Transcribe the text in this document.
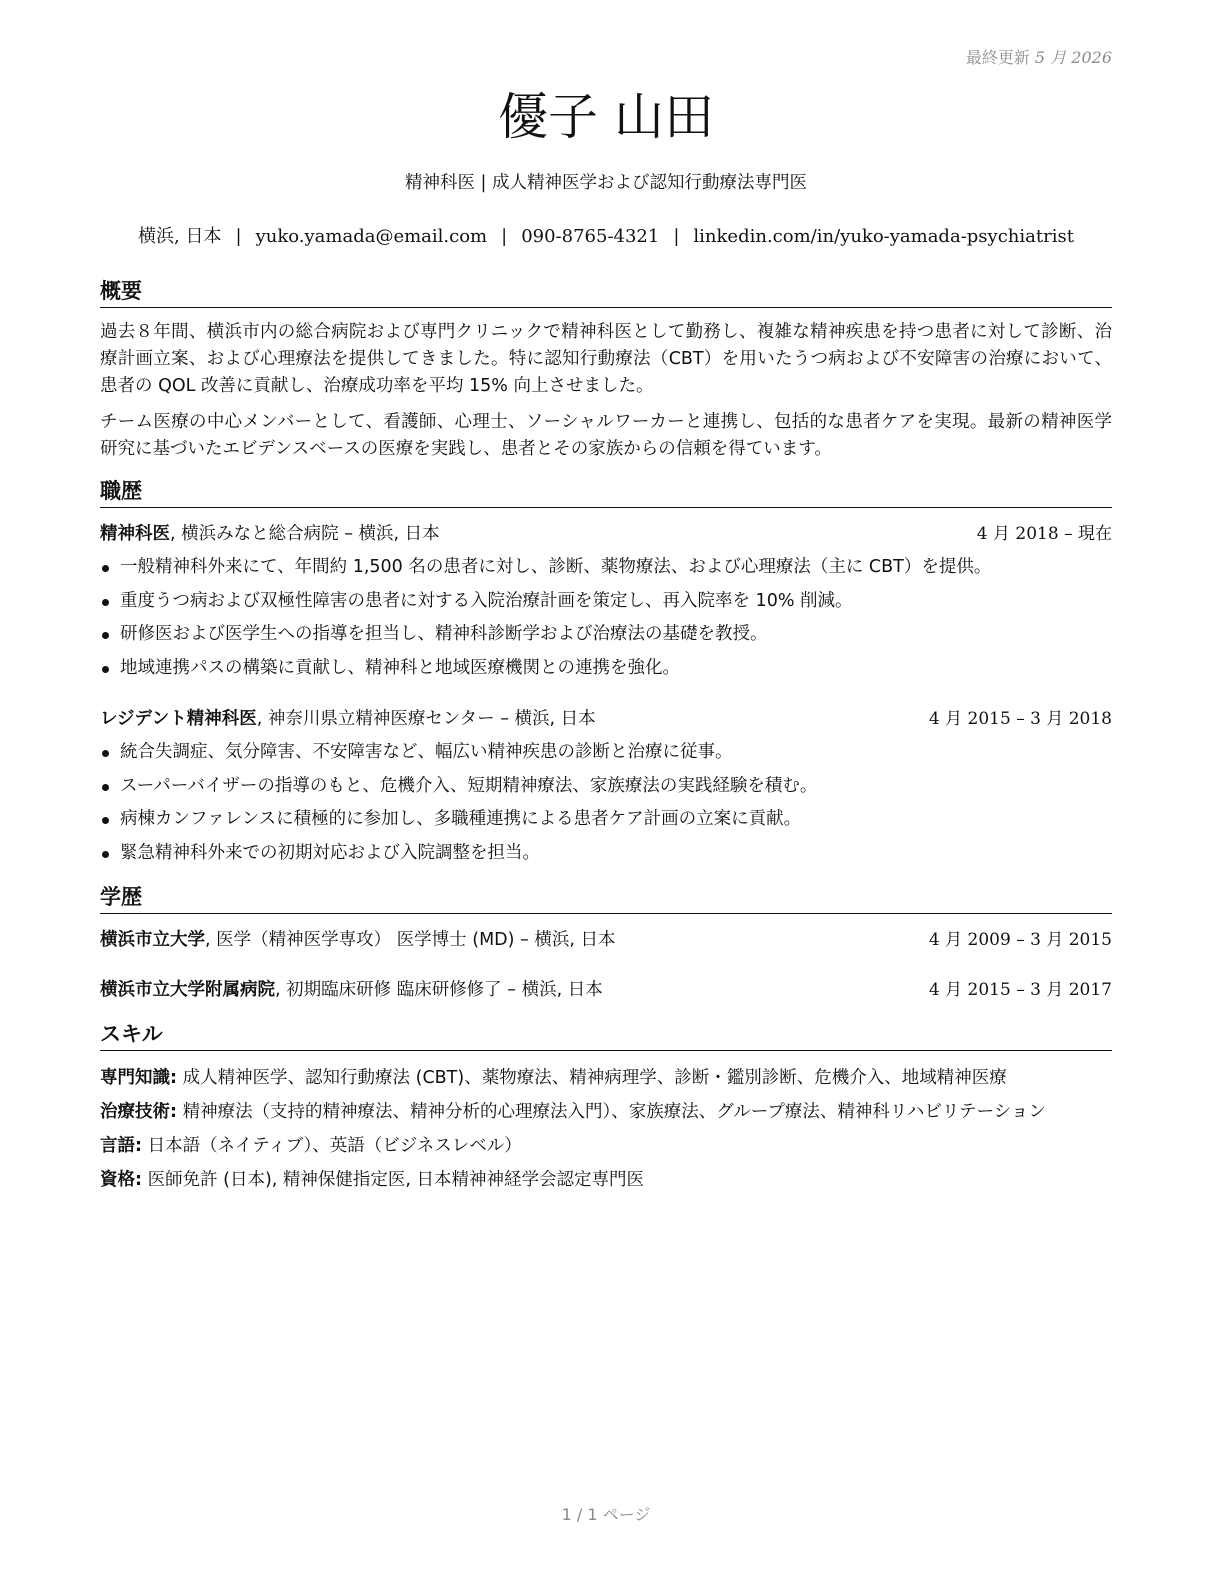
最終更新 5 月 2026
優子 山田
精神科医 | 成人精神医学および認知行動療法専門医
横浜, 日本 | yuko.yamada@email.com | 090-8765-4321 | linkedin.com/in/yuko-yamada-psychiatrist
概要

過去８年間、横浜市内の総合病院および専門クリニックで精神科医として勤務し、複雑な精神疾患を持つ患者に対して診断、治療計画立案、および心理療法を提供してきました。特に認知行動療法（CBT）を用いたうつ病および不安障害の治療において、患者の QOL 改善に貢献し、治療成功率を平均 15% 向上させました。

チーム医療の中心メンバーとして、看護師、心理士、ソーシャルワーカーと連携し、包括的な患者ケアを実現。最新の精神医学研究に基づいたエビデンスベースの医療を実践し、患者とその家族からの信頼を得ています。

職歴
精神科医, 横浜みなと総合病院 – 横浜, 日本	4 月 2018 – 現在
一般精神科外来にて、年間約 1,500 名の患者に対し、診断、薬物療法、および心理療法（主に CBT）を提供。
重度うつ病および双極性障害の患者に対する入院治療計画を策定し、再入院率を 10% 削減。
研修医および医学生への指導を担当し、精神科診断学および治療法の基礎を教授。
地域連携パスの構築に貢献し、精神科と地域医療機関との連携を強化。
レジデント精神科医, 神奈川県立精神医療センター – 横浜, 日本	4 月 2015 – 3 月 2018
統合失調症、気分障害、不安障害など、幅広い精神疾患の診断と治療に従事。
スーパーバイザーの指導のもと、危機介入、短期精神療法、家族療法の実践経験を積む。
病棟カンファレンスに積極的に参加し、多職種連携による患者ケア計画の立案に貢献。
緊急精神科外来での初期対応および入院調整を担当。
学歴
横浜市立大学, 医学（精神医学専攻） 医学博士 (MD) – 横浜, 日本	4 月 2009 – 3 月 2015
横浜市立大学附属病院, 初期臨床研修 臨床研修修了 – 横浜, 日本	4 月 2015 – 3 月 2017
スキル
専門知識: 成人精神医学、認知行動療法 (CBT)、薬物療法、精神病理学、診断・鑑別診断、危機介入、地域精神医療
治療技術: 精神療法（支持的精神療法、精神分析的心理療法入門）、家族療法、グループ療法、精神科リハビリテーション
言語: 日本語（ネイティブ）、英語（ビジネスレベル）
資格: 医師免許 (日本), 精神保健指定医, 日本精神神経学会認定専門医
1 / 1 ページ
